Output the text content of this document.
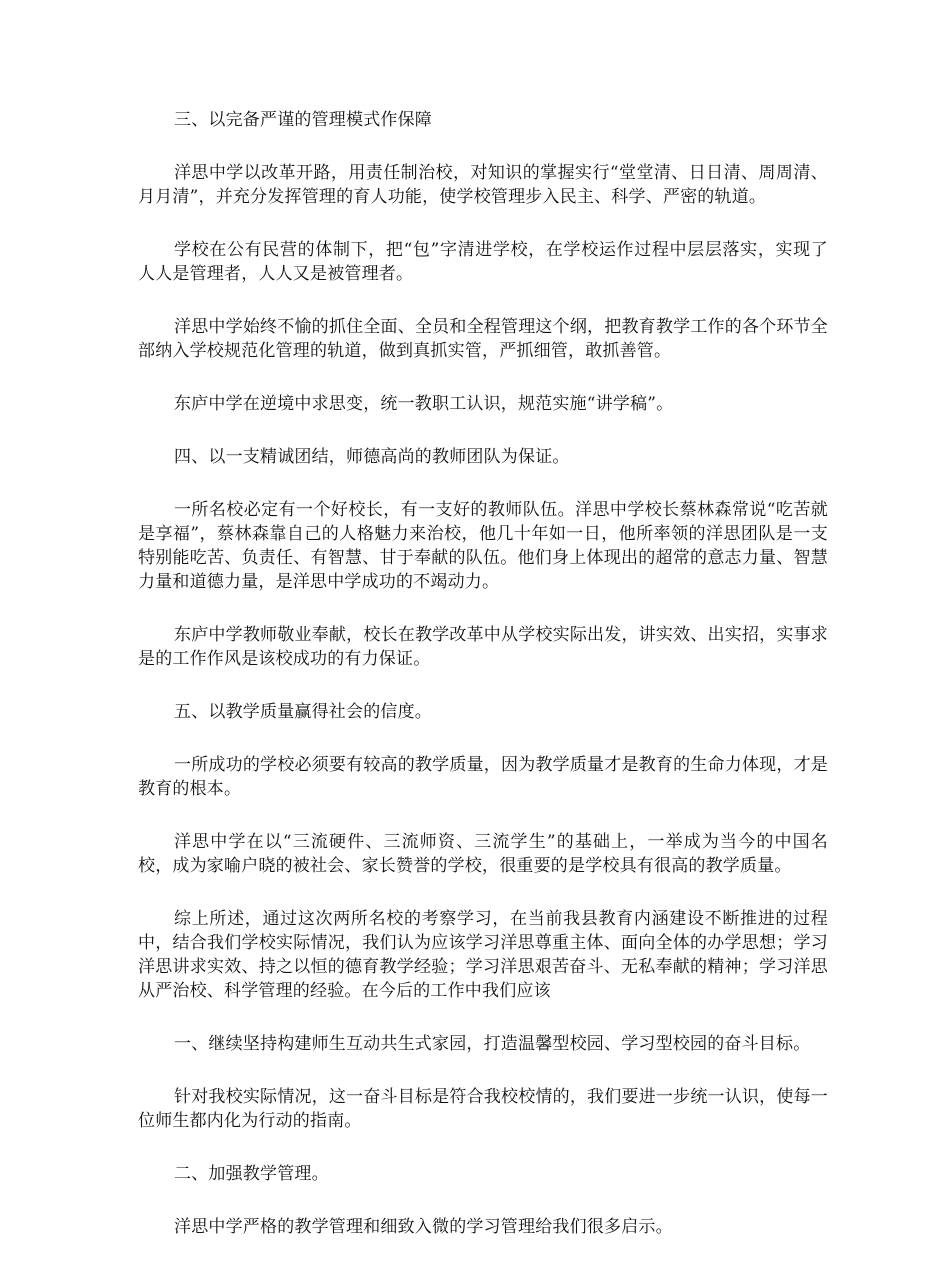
三、以完备严谨的管理模式作保障

洋思中学以改革开路，用责任制治校，对知识的掌握实行“堂堂清、日日清、周周清、月月清”，并充分发挥管理的育人功能，使学校管理步入民主、科学、严密的轨道。

学校在公有民营的体制下，把“包”字清进学校，在学校运作过程中层层落实，实现了人人是管理者，人人又是被管理者。

洋思中学始终不愉的抓住全面、全员和全程管理这个纲，把教育教学工作的各个环节全部纳入学校规范化管理的轨道，做到真抓实管，严抓细管，敢抓善管。

东庐中学在逆境中求思变，统一教职工认识，规范实施“讲学稿”。

四、以一支精诚团结，师德高尚的教师团队为保证。

一所名校必定有一个好校长，有一支好的教师队伍。洋思中学校长蔡林森常说“吃苦就是享福”，蔡林森靠自己的人格魅力来治校，他几十年如一日，他所率领的洋思团队是一支特别能吃苦、负责任、有智慧、甘于奉献的队伍。他们身上体现出的超常的意志力量、智慧力量和道德力量，是洋思中学成功的不竭动力。

东庐中学教师敬业奉献，校长在教学改革中从学校实际出发，讲实效、出实招，实事求是的工作作风是该校成功的有力保证。

五、以教学质量赢得社会的信度。

一所成功的学校必须要有较高的教学质量，因为教学质量才是教育的生命力体现，才是教育的根本。

洋思中学在以“三流硬件、三流师资、三流学生”的基础上，一举成为当今的中国名校，成为家喻户晓的被社会、家长赞誉的学校，很重要的是学校具有很高的教学质量。

综上所述，通过这次两所名校的考察学习，在当前我县教育内涵建设不断推进的过程中，结合我们学校实际情况，我们认为应该学习洋思尊重主体、面向全体的办学思想；学习洋思讲求实效、持之以恒的德育教学经验；学习洋思艰苦奋斗、无私奉献的精神；学习洋思从严治校、科学管理的经验。在今后的工作中我们应该

一、继续坚持构建师生互动共生式家园，打造温馨型校园、学习型校园的奋斗目标。

针对我校实际情况，这一奋斗目标是符合我校校情的，我们要进一步统一认识，使每一位师生都内化为行动的指南。

二、加强教学管理。

洋思中学严格的教学管理和细致入微的学习管理给我们很多启示。
